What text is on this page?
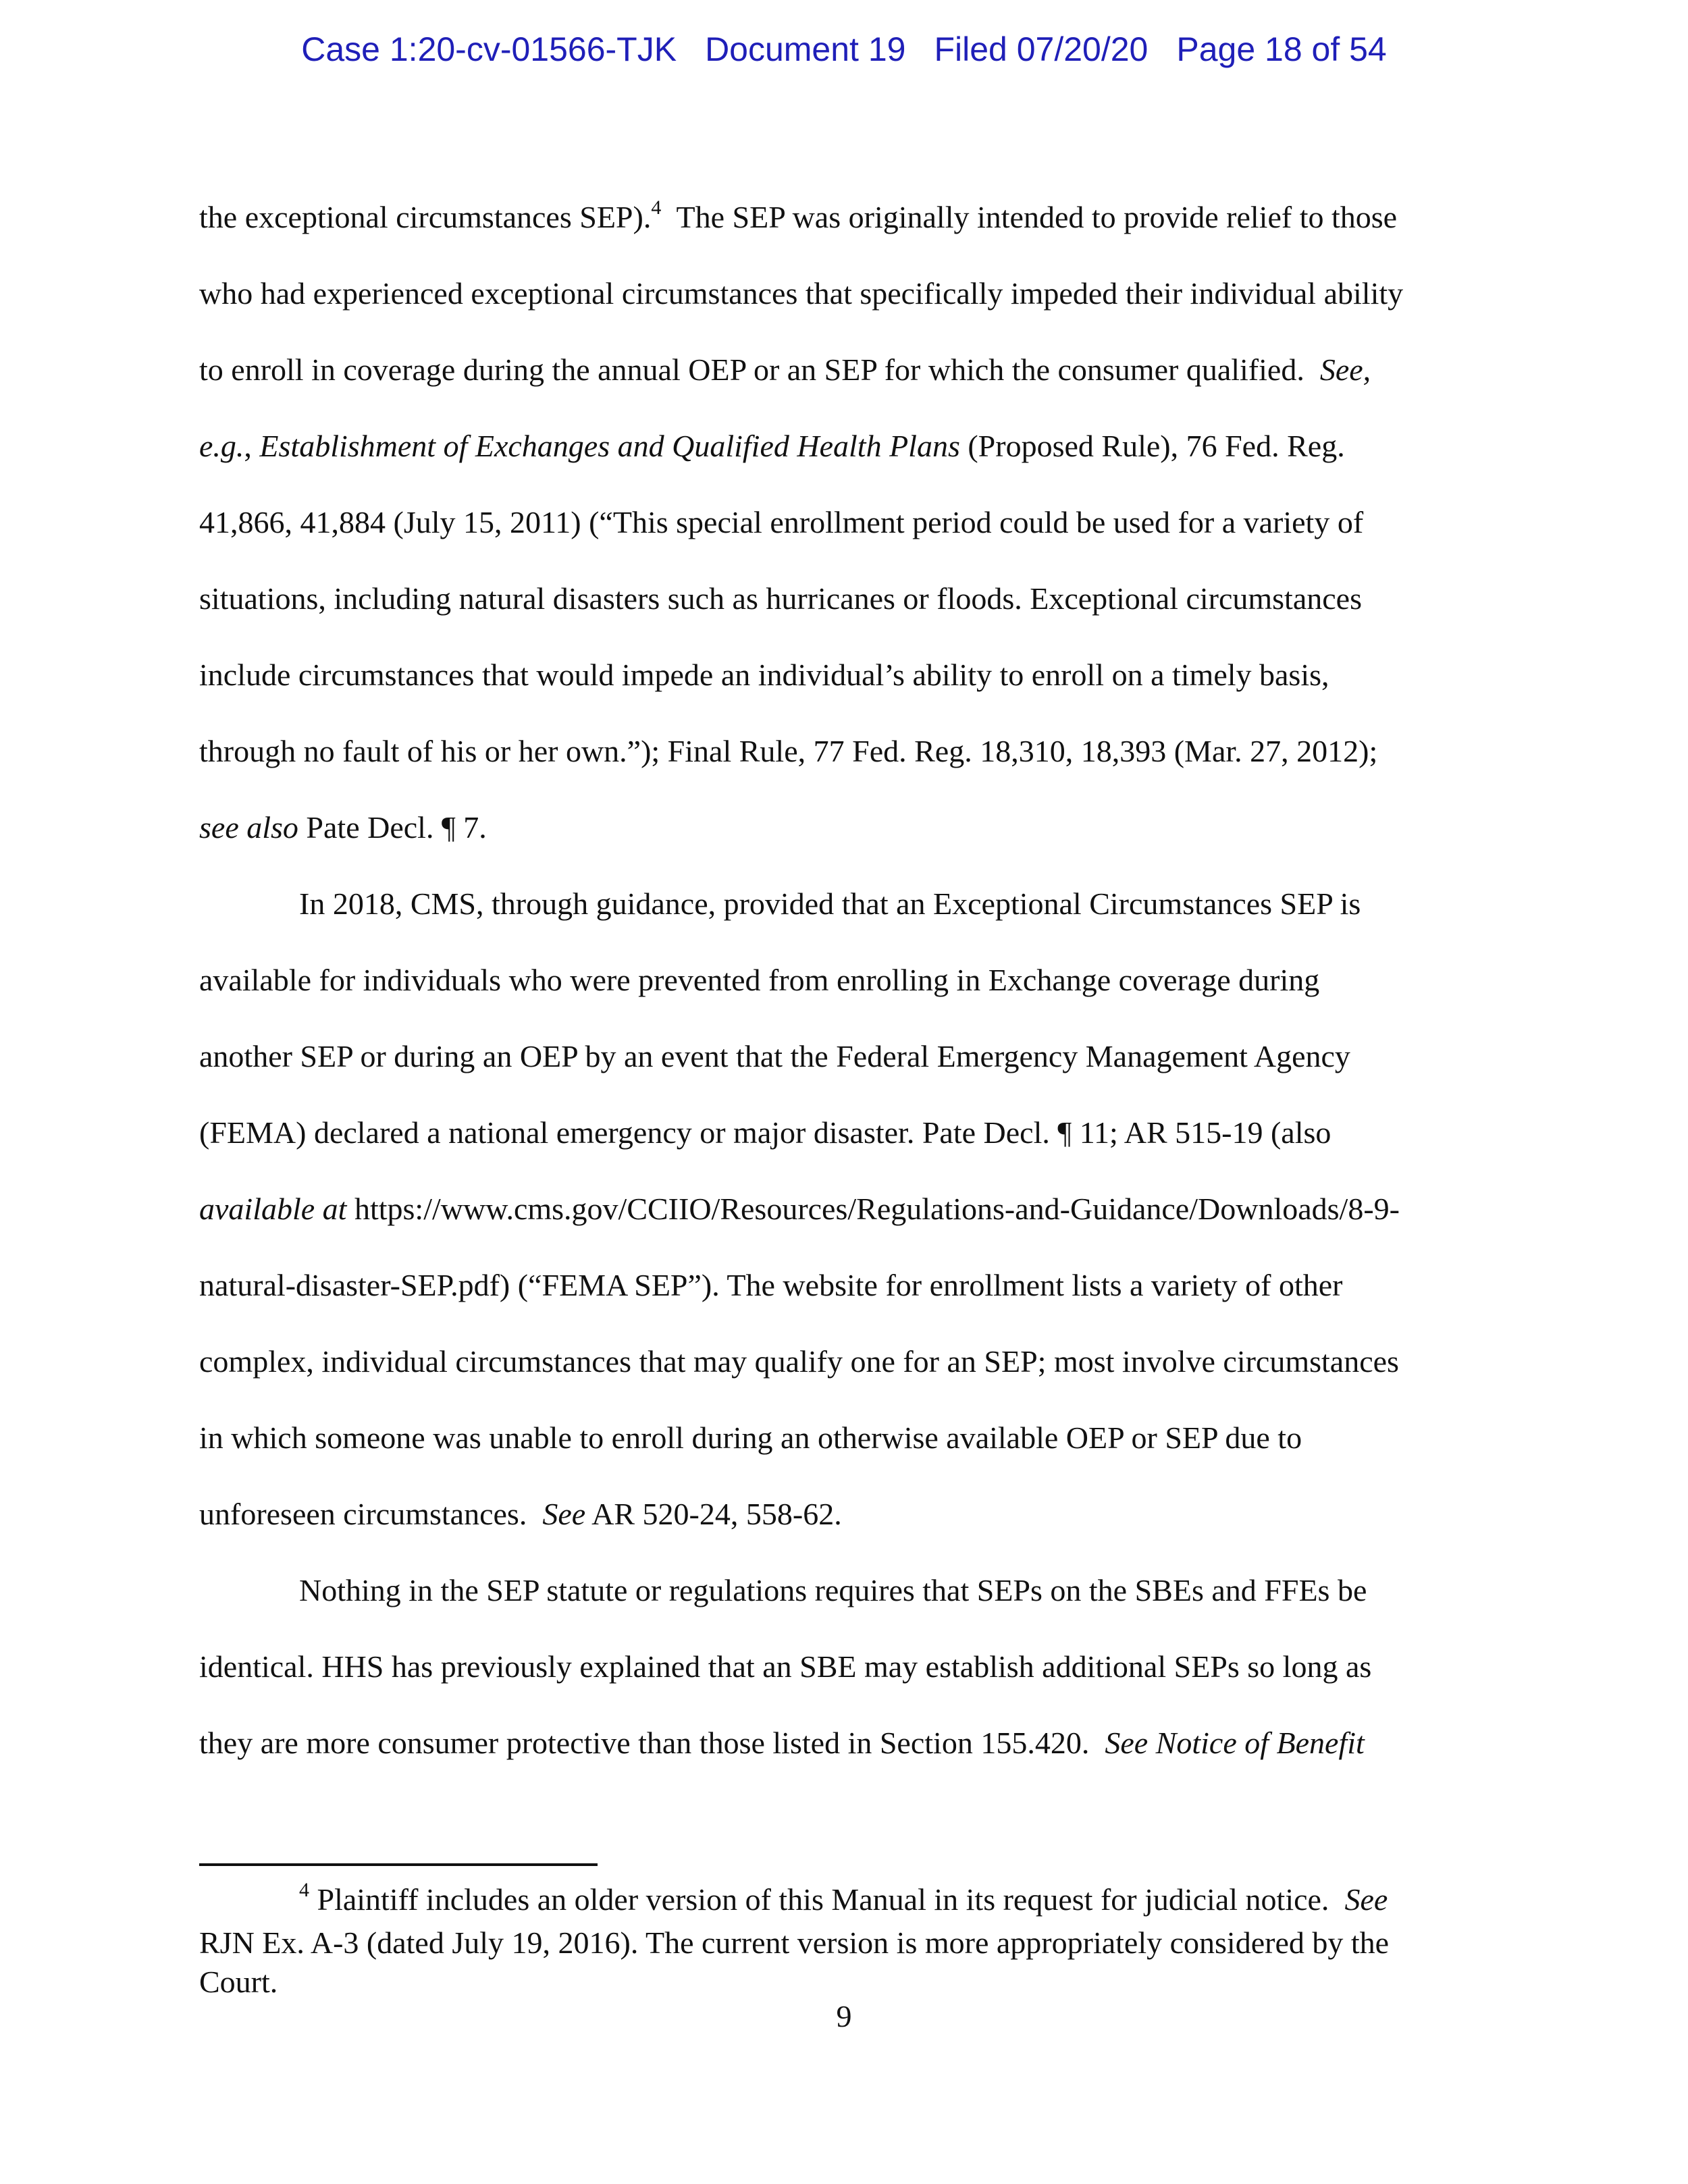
Case 1:20-cv-01566-TJK Document 19 Filed 07/20/20 Page 18 of 54
the exceptional circumstances SEP).$^4$  The SEP was originally intended to provide relief to those
who had experienced exceptional circumstances that specifically impeded their individual ability
to enroll in coverage during the annual OEP or an SEP for which the consumer qualified.  See,
e.g., Establishment of Exchanges and Qualified Health Plans (Proposed Rule), 76 Fed. Reg.
41,866, 41,884 (July 15, 2011) (“This special enrollment period could be used for a variety of
situations, including natural disasters such as hurricanes or floods. Exceptional circumstances
include circumstances that would impede an individual’s ability to enroll on a timely basis,
through no fault of his or her own.”); Final Rule, 77 Fed. Reg. 18,310, 18,393 (Mar. 27, 2012);
see also Pate Decl. ¶ 7.
In 2018, CMS, through guidance, provided that an Exceptional Circumstances SEP is
available for individuals who were prevented from enrolling in Exchange coverage during
another SEP or during an OEP by an event that the Federal Emergency Management Agency
(FEMA) declared a national emergency or major disaster. Pate Decl. ¶ 11; AR 515-19 (also
available at https://www.cms.gov/CCIIO/Resources/Regulations-and-Guidance/Downloads/8-9-
natural-disaster-SEP.pdf) (“FEMA SEP”). The website for enrollment lists a variety of other
complex, individual circumstances that may qualify one for an SEP; most involve circumstances
in which someone was unable to enroll during an otherwise available OEP or SEP due to
unforeseen circumstances.  See AR 520-24, 558-62.
Nothing in the SEP statute or regulations requires that SEPs on the SBEs and FFEs be
identical. HHS has previously explained that an SBE may establish additional SEPs so long as
they are more consumer protective than those listed in Section 155.420.  See Notice of Benefit
$^4$ Plaintiff includes an older version of this Manual in its request for judicial notice.  See
RJN Ex. A-3 (dated July 19, 2016). The current version is more appropriately considered by the
Court.
9
